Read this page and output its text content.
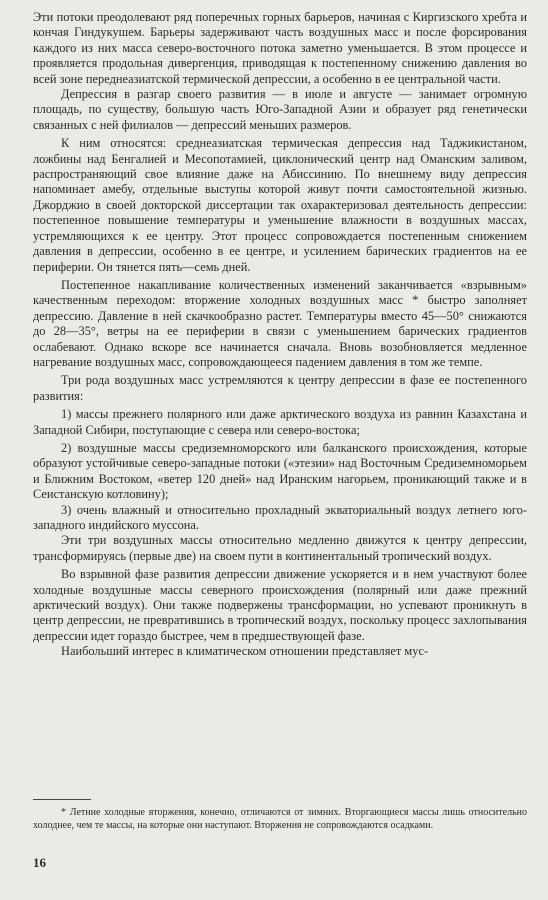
Эти потоки преодолевают ряд поперечных горных барьеров, начиная с Киргизского хребта и кончая Гиндукушем. Барьеры задерживают часть воздушных масс и после форсирования каждого из них масса северо-восточного потока заметно уменьшается. В этом процессе и проявляется продольная дивергенция, приводящая к постепенному снижению давления во всей зоне переднеазиатской термической депрессии, а особенно в ее центральной части.

Депрессия в разгар своего развития — в июле и августе — занимает огромную площадь, по существу, большую часть Юго-Западной Азии и образует ряд генетически связанных с ней филиалов — депрессий меньших размеров.

К ним относятся: среднеазиатская термическая депрессия над Таджикистаном, ложбины над Бенгалией и Месопотамией, циклонический центр над Оманским заливом, распространяющий свое влияние даже на Абиссинию. По внешнему виду депрессия напоминает амебу, отдельные выступы которой живут почти самостоятельной жизнью. Джорджио в своей докторской диссертации так охарактеризовал деятельность депрессии: постепенное повышение температуры и уменьшение влажности в воздушных массах, устремляющихся к ее центру. Этот процесс сопровождается постепенным снижением давления в депрессии, особенно в ее центре, и усилением барических градиентов на ее периферии. Он тянется пять—семь дней.

Постепенное накапливание количественных изменений заканчивается «взрывным» качественным переходом: вторжение холодных воздушных масс * быстро заполняет депрессию. Давление в ней скачкообразно растет. Температуры вместо 45—50° снижаются до 28—35°, ветры на ее периферии в связи с уменьшением барических градиентов ослабевают. Однако вскоре все начинается сначала. Вновь возобновляется медленное нагревание воздушных масс, сопровождающееся падением давления в том же темпе.

Три рода воздушных масс устремляются к центру депрессии в фазе ее постепенного развития:

1) массы прежнего полярного или даже арктического воздуха из равнин Казахстана и Западной Сибири, поступающие с севера или северо-востока;

2) воздушные массы средиземноморского или балканского происхождения, которые образуют устойчивые северо-западные потоки («этезии» над Восточным Средиземноморьем и Ближним Востоком, «ветер 120 дней» над Иранским нагорьем, проникающий также и в Сеистанскую котловину);

3) очень влажный и относительно прохладный экваториальный воздух летнего юго-западного индийского муссона.

Эти три воздушных массы относительно медленно движутся к центру депрессии, трансформируясь (первые две) на своем пути в континентальный тропический воздух.

Во взрывной фазе развития депрессии движение ускоряется и в нем участвуют более холодные воздушные массы северного происхождения (полярный или даже прежний арктический воздух). Они также подвержены трансформации, но успевают проникнуть в центр депрессии, не превратившись в тропический воздух, поскольку процесс захлопывания депрессии идет гораздо быстрее, чем в предшествующей фазе.

Наибольший интерес в климатическом отношении представляет мус-

* Летние холодные вторжения, конечно, отличаются от зимних. Вторгающиеся массы лишь относительно холоднее, чем те массы, на которые они наступают. Вторжения не сопровождаются осадками.
16
